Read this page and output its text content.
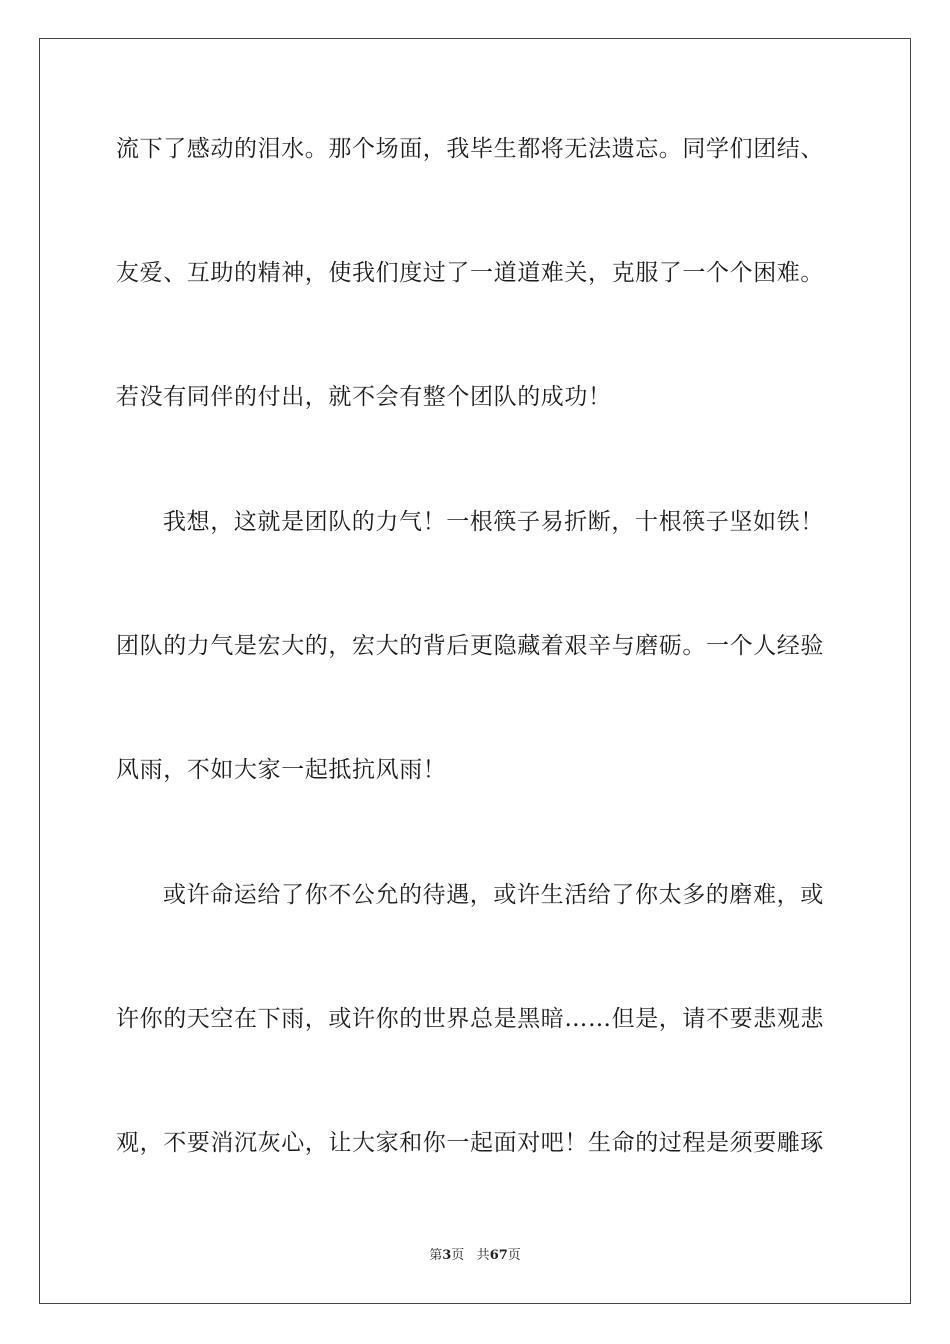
流下了感动的泪水。那个场面，我毕生都将无法遗忘。同学们团结、
友爱、互助的精神，使我们度过了一道道难关，克服了一个个困难。
若没有同伴的付出，就不会有整个团队的成功！
我想，这就是团队的力气！一根筷子易折断，十根筷子坚如铁！
团队的力气是宏大的，宏大的背后更隐藏着艰辛与磨砺。一个人经验
风雨，不如大家一起抵抗风雨！
或许命运给了你不公允的待遇，或许生活给了你太多的磨难，或
许你的天空在下雨，或许你的世界总是黑暗……但是，请不要悲观悲
观，不要消沉灰心，让大家和你一起面对吧！生命的过程是须要雕琢
第3页 共67页
